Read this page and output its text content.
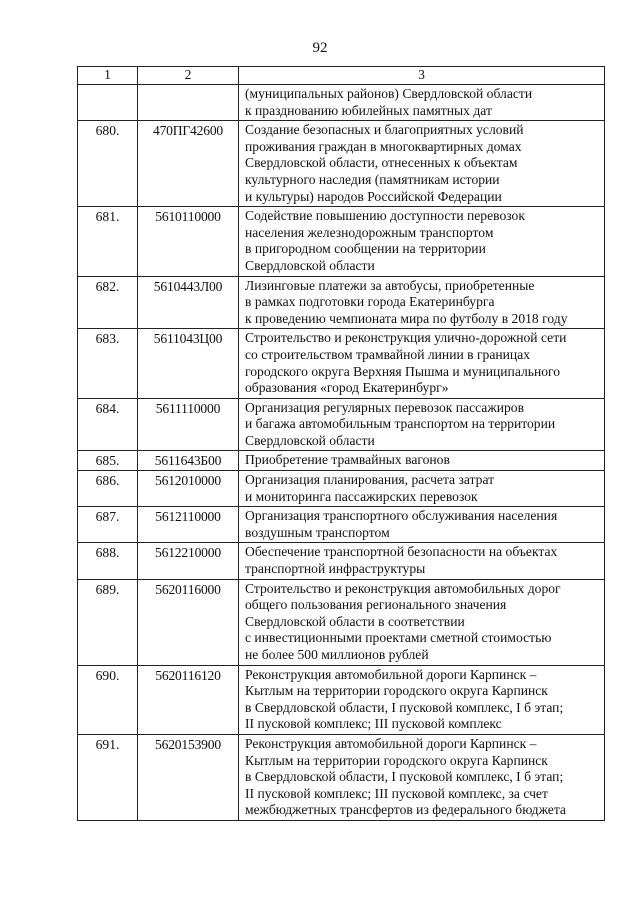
92
1	2	3
		(муниципальных районов) Свердловской области
к празднованию юбилейных памятных дат
680.	470ПГ42600	Создание безопасных и благоприятных условий
проживания граждан в многоквартирных домах
Свердловской области, отнесенных к объектам
культурного наследия (памятникам истории
и культуры) народов Российской Федерации
681.	5610110000	Содействие повышению доступности перевозок
населения железнодорожным транспортом
в пригородном сообщении на территории
Свердловской области
682.	5610443Л00	Лизинговые платежи за автобусы, приобретенные
в рамках подготовки города Екатеринбурга
к проведению чемпионата мира по футболу в 2018 году
683.	5611043Ц00	Строительство и реконструкция улично-дорожной сети
со строительством трамвайной линии в границах
городского округа Верхняя Пышма и муниципального
образования «город Екатеринбург»
684.	5611110000	Организация регулярных перевозок пассажиров
и багажа автомобильным транспортом на территории
Свердловской области
685.	5611643Б00	Приобретение трамвайных вагонов
686.	5612010000	Организация планирования, расчета затрат
и мониторинга пассажирских перевозок
687.	5612110000	Организация транспортного обслуживания населения
воздушным транспортом
688.	5612210000	Обеспечение транспортной безопасности на объектах
транспортной инфраструктуры
689.	5620116000	Строительство и реконструкция автомобильных дорог
общего пользования регионального значения
Свердловской области в соответствии
с инвестиционными проектами сметной стоимостью
не более 500 миллионов рублей
690.	5620116120	Реконструкция автомобильной дороги Карпинск –
Кытлым на территории городского округа Карпинск
в Свердловской области, I пусковой комплекс, I б этап;
II пусковой комплекс; III пусковой комплекс
691.	5620153900	Реконструкция автомобильной дороги Карпинск –
Кытлым на территории городского округа Карпинск
в Свердловской области, I пусковой комплекс, I б этап;
II пусковой комплекс; III пусковой комплекс, за счет
межбюджетных трансфертов из федерального бюджета
